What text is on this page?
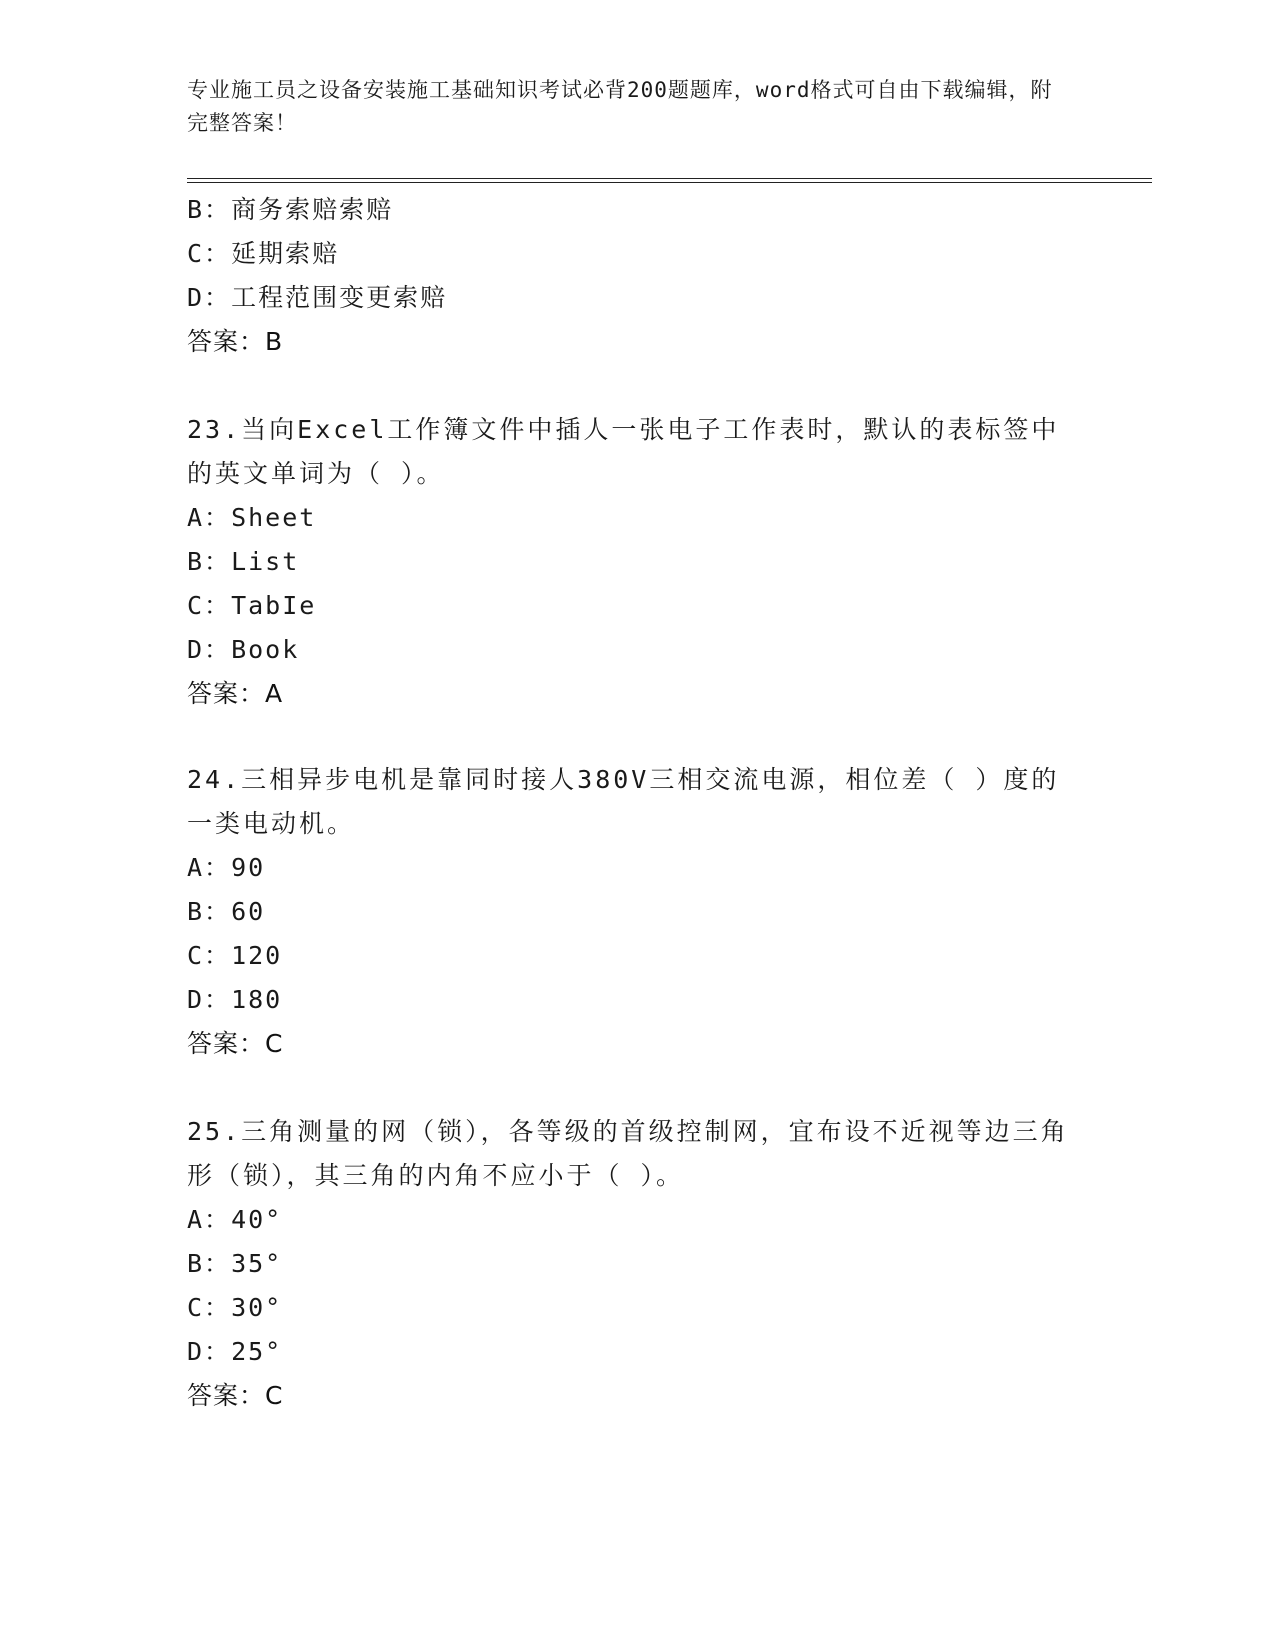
专业施工员之设备安装施工基础知识考试必背200题题库，word格式可自由下载编辑，附完整答案！
B：商务索赔索赔
C：延期索赔
D：工程范围变更索赔
答案：B
23.当向Excel工作簿文件中插人一张电子工作表时，默认的表标签中的英文单词为（ ）。
A：Sheet
B：List
C：TabIe
D：Book
答案：A
24.三相异步电机是靠同时接人380V三相交流电源，相位差（ ）度的一类电动机。
A：90
B：60
C：120
D：180
答案：C
25.三角测量的网（锁），各等级的首级控制网，宜布设不近视等边三角形（锁），其三角的内角不应小于（ ）。
A：40°
B：35°
C：30°
D：25°
答案：C
